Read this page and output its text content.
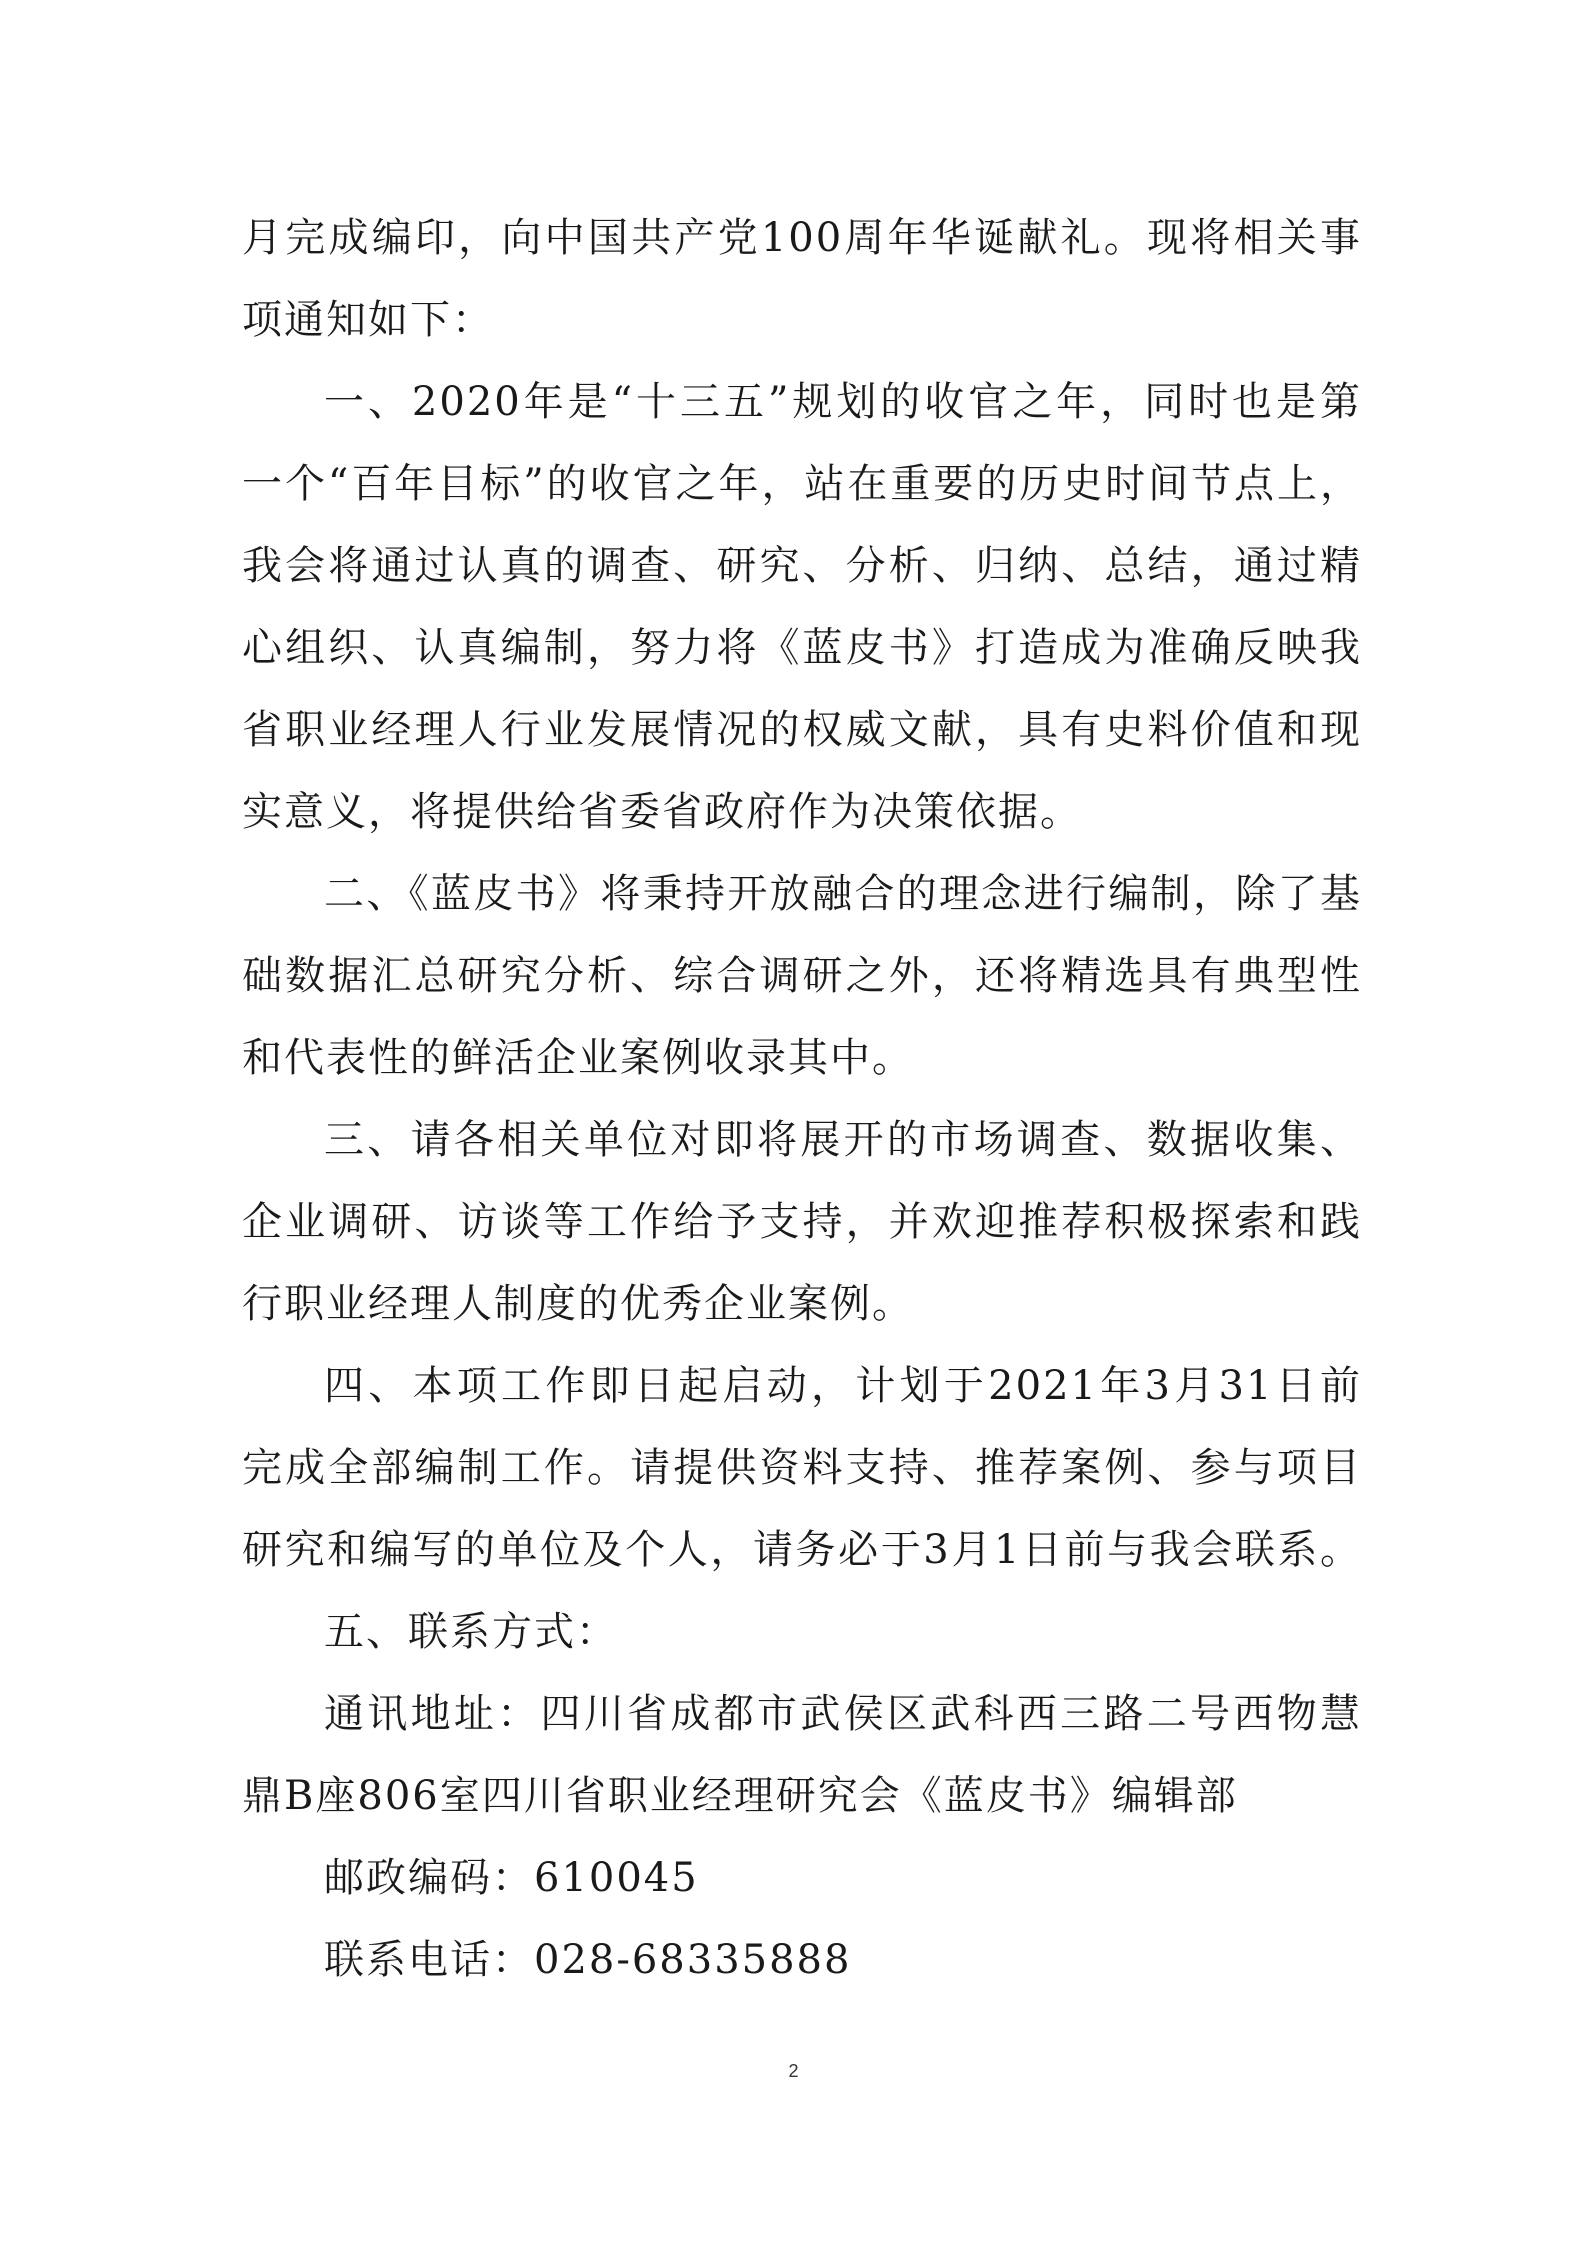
月完成编印，向中国共产党100周年华诞献礼。现将相关事
项通知如下：
一、2020年是“十三五”规划的收官之年，同时也是第
一个“百年目标”的收官之年，站在重要的历史时间节点上，
我会将通过认真的调查、研究、分析、归纳、总结，通过精
心组织、认真编制，努力将《蓝皮书》打造成为准确反映我
省职业经理人行业发展情况的权威文献，具有史料价值和现
实意义，将提供给省委省政府作为决策依据。
二、《蓝皮书》将秉持开放融合的理念进行编制，除了基
础数据汇总研究分析、综合调研之外，还将精选具有典型性
和代表性的鲜活企业案例收录其中。
三、请各相关单位对即将展开的市场调查、数据收集、
企业调研、访谈等工作给予支持，并欢迎推荐积极探索和践
行职业经理人制度的优秀企业案例。
四、本项工作即日起启动，计划于2021年3月31日前
完成全部编制工作。请提供资料支持、推荐案例、参与项目
研究和编写的单位及个人，请务必于3月1日前与我会联系。
五、联系方式：
通讯地址：四川省成都市武侯区武科西三路二号西物慧
鼎B座806室四川省职业经理研究会《蓝皮书》编辑部
邮政编码：610045
联系电话：028-68335888
2
